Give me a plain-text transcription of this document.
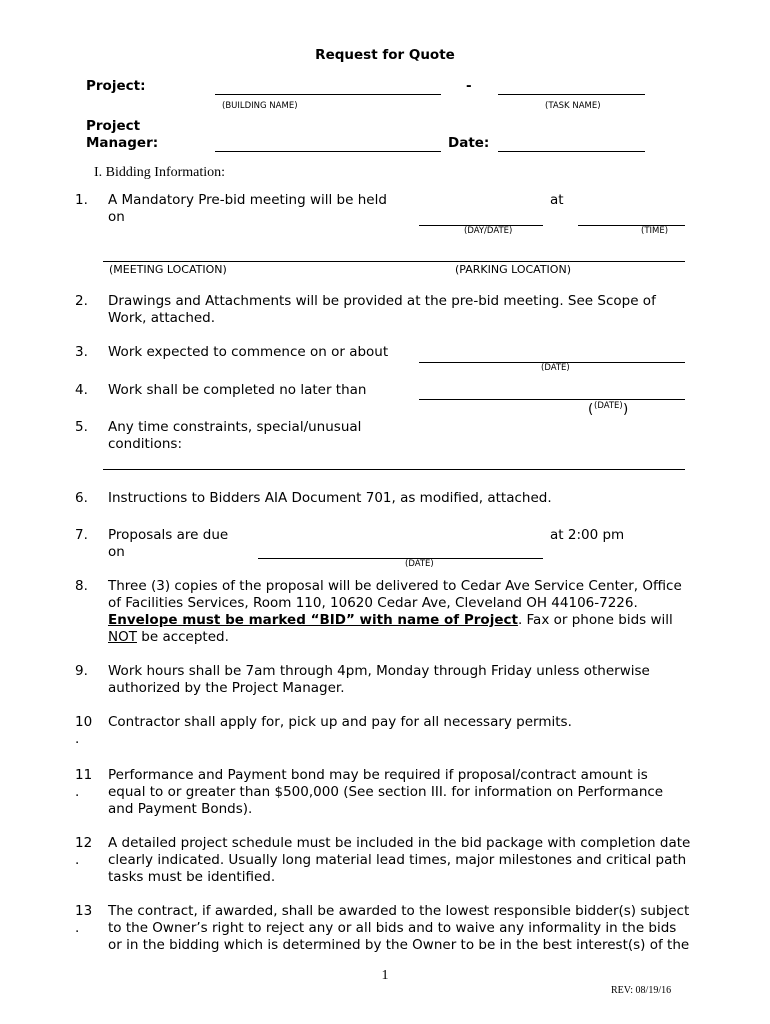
Request for Quote
Project:	-
(BUILDING NAME)	(TASK NAME)
Project
Manager:	Date:
I. Bidding Information:
1. A Mandatory Pre-bid meeting will be held
on
at
(DAY/DATE)	(TIME)
(MEETING LOCATION)	(PARKING LOCATION)
2. Drawings and Attachments will be provided at the pre-bid meeting. See Scope of
Work, attached.
3. Work expected to commence on or about
(DATE)
4. Work shall be completed no later than
( (DATE) )
5. Any time constraints, special/unusual
conditions:
6. Instructions to Bidders AIA Document 701, as modified, attached.
7. Proposals are due
on
at 2:00 pm
(DATE)
8. Three (3) copies of the proposal will be delivered to Cedar Ave Service Center, Office
of Facilities Services, Room 110, 10620 Cedar Ave, Cleveland OH 44106-7226.
Envelope must be marked “BID” with name of Project. Fax or phone bids will
NOT be accepted.
9. Work hours shall be 7am through 4pm, Monday through Friday unless otherwise
authorized by the Project Manager.
10
.
Contractor shall apply for, pick up and pay for all necessary permits.
11
.
Performance and Payment bond may be required if proposal/contract amount is
equal to or greater than $500,000 (See section III. for information on Performance
and Payment Bonds).
12
.
A detailed project schedule must be included in the bid package with completion date
clearly indicated. Usually long material lead times, major milestones and critical path
tasks must be identified.
13
.
The contract, if awarded, shall be awarded to the lowest responsible bidder(s) subject
to the Owner’s right to reject any or all bids and to waive any informality in the bids
or in the bidding which is determined by the Owner to be in the best interest(s) of the
1
REV: 08/19/16
